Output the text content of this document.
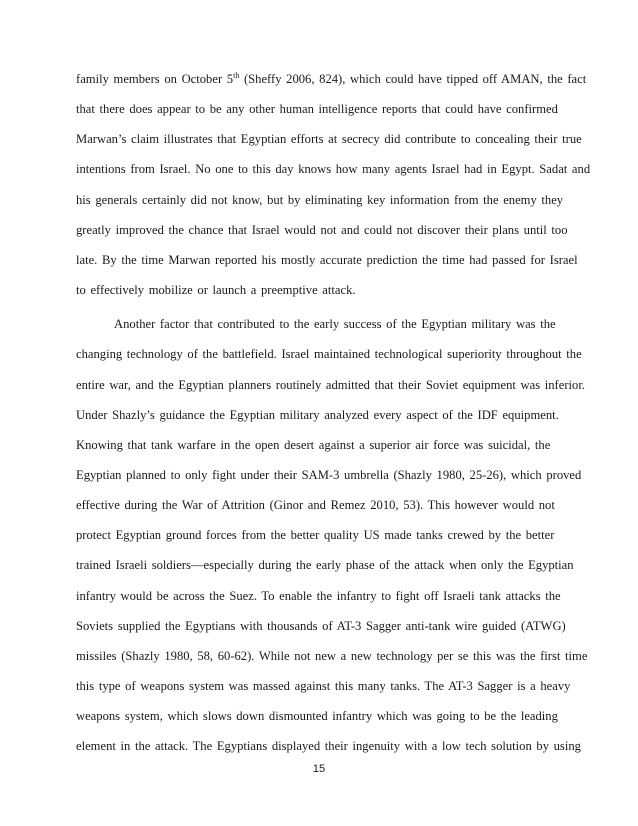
family members on October 5th (Sheffy 2006, 824), which could have tipped off AMAN, the fact
that there does appear to be any other human intelligence reports that could have confirmed
Marwan’s claim illustrates that Egyptian efforts at secrecy did contribute to concealing their true
intentions from Israel. No one to this day knows how many agents Israel had in Egypt. Sadat and
his generals certainly did not know, but by eliminating key information from the enemy they
greatly improved the chance that Israel would not and could not discover their plans until too
late. By the time Marwan reported his mostly accurate prediction the time had passed for Israel
to effectively mobilize or launch a preemptive attack.
Another factor that contributed to the early success of the Egyptian military was the
changing technology of the battlefield. Israel maintained technological superiority throughout the
entire war, and the Egyptian planners routinely admitted that their Soviet equipment was inferior.
Under Shazly’s guidance the Egyptian military analyzed every aspect of the IDF equipment.
Knowing that tank warfare in the open desert against a superior air force was suicidal, the
Egyptian planned to only fight under their SAM-3 umbrella (Shazly 1980, 25-26), which proved
effective during the War of Attrition (Ginor and Remez 2010, 53). This however would not
protect Egyptian ground forces from the better quality US made tanks crewed by the better
trained Israeli soldiers—especially during the early phase of the attack when only the Egyptian
infantry would be across the Suez. To enable the infantry to fight off Israeli tank attacks the
Soviets supplied the Egyptians with thousands of AT-3 Sagger anti-tank wire guided (ATWG)
missiles (Shazly 1980, 58, 60-62). While not new a new technology per se this was the first time
this type of weapons system was massed against this many tanks. The AT-3 Sagger is a heavy
weapons system, which slows down dismounted infantry which was going to be the leading
element in the attack. The Egyptians displayed their ingenuity with a low tech solution by using
15
